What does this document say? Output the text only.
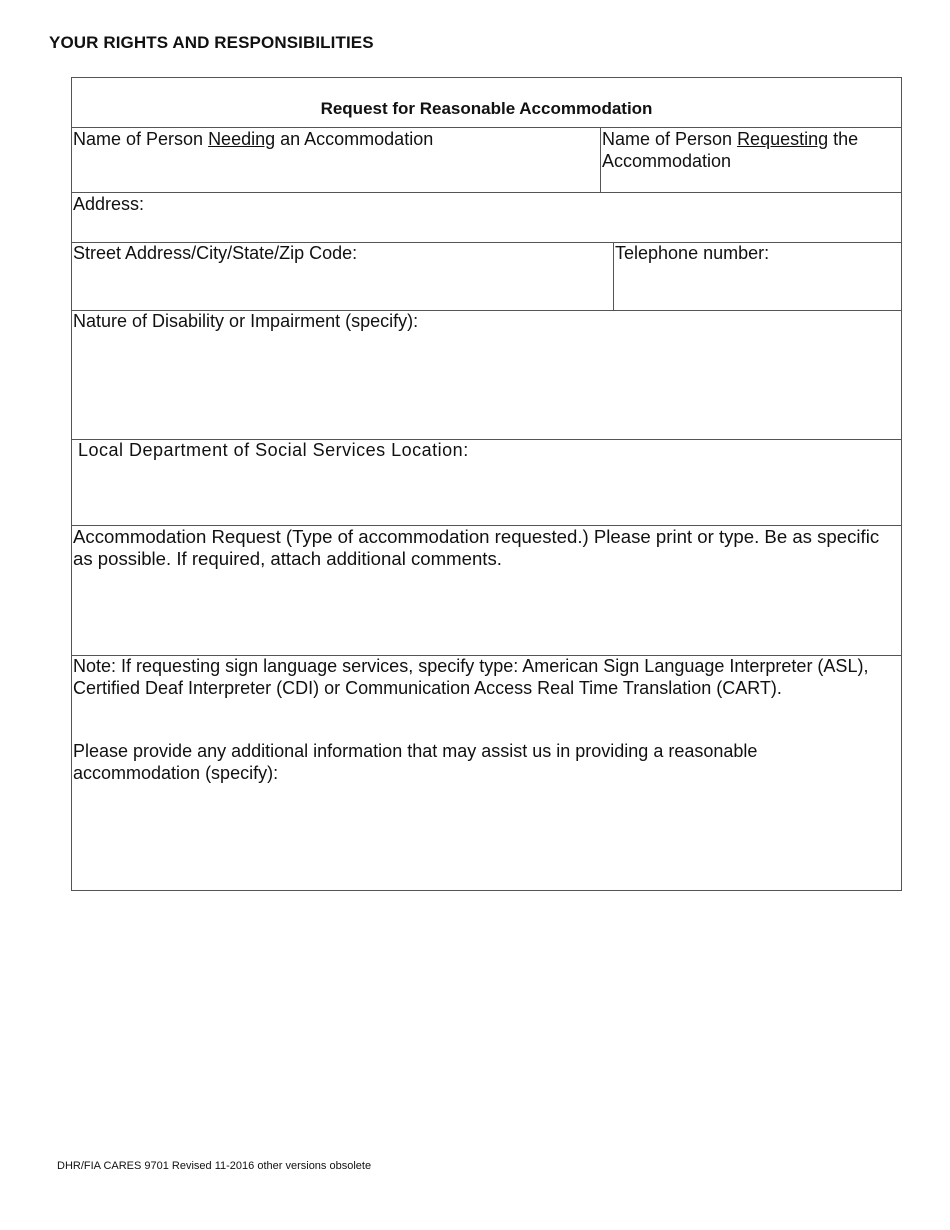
YOUR RIGHTS AND RESPONSIBILITIES
Request for Reasonable Accommodation
Name of Person Needing an Accommodation	Name of Person Requesting the
Accommodation
Address:
Street Address/City/State/Zip Code:	Telephone number:
Nature of Disability or Impairment (specify):
Local Department of Social Services Location:
Accommodation Request (Type of accommodation requested.) Please print or type. Be as specific as possible. If required, attach additional comments.
Note: If requesting sign language services, specify type: American Sign Language Interpreter (ASL), Certified Deaf Interpreter (CDI) or Communication Access Real Time Translation (CART).
Please provide any additional information that may assist us in providing a reasonable accommodation (specify):
DHR/FIA CARES 9701 Revised 11-2016 other versions obsolete
